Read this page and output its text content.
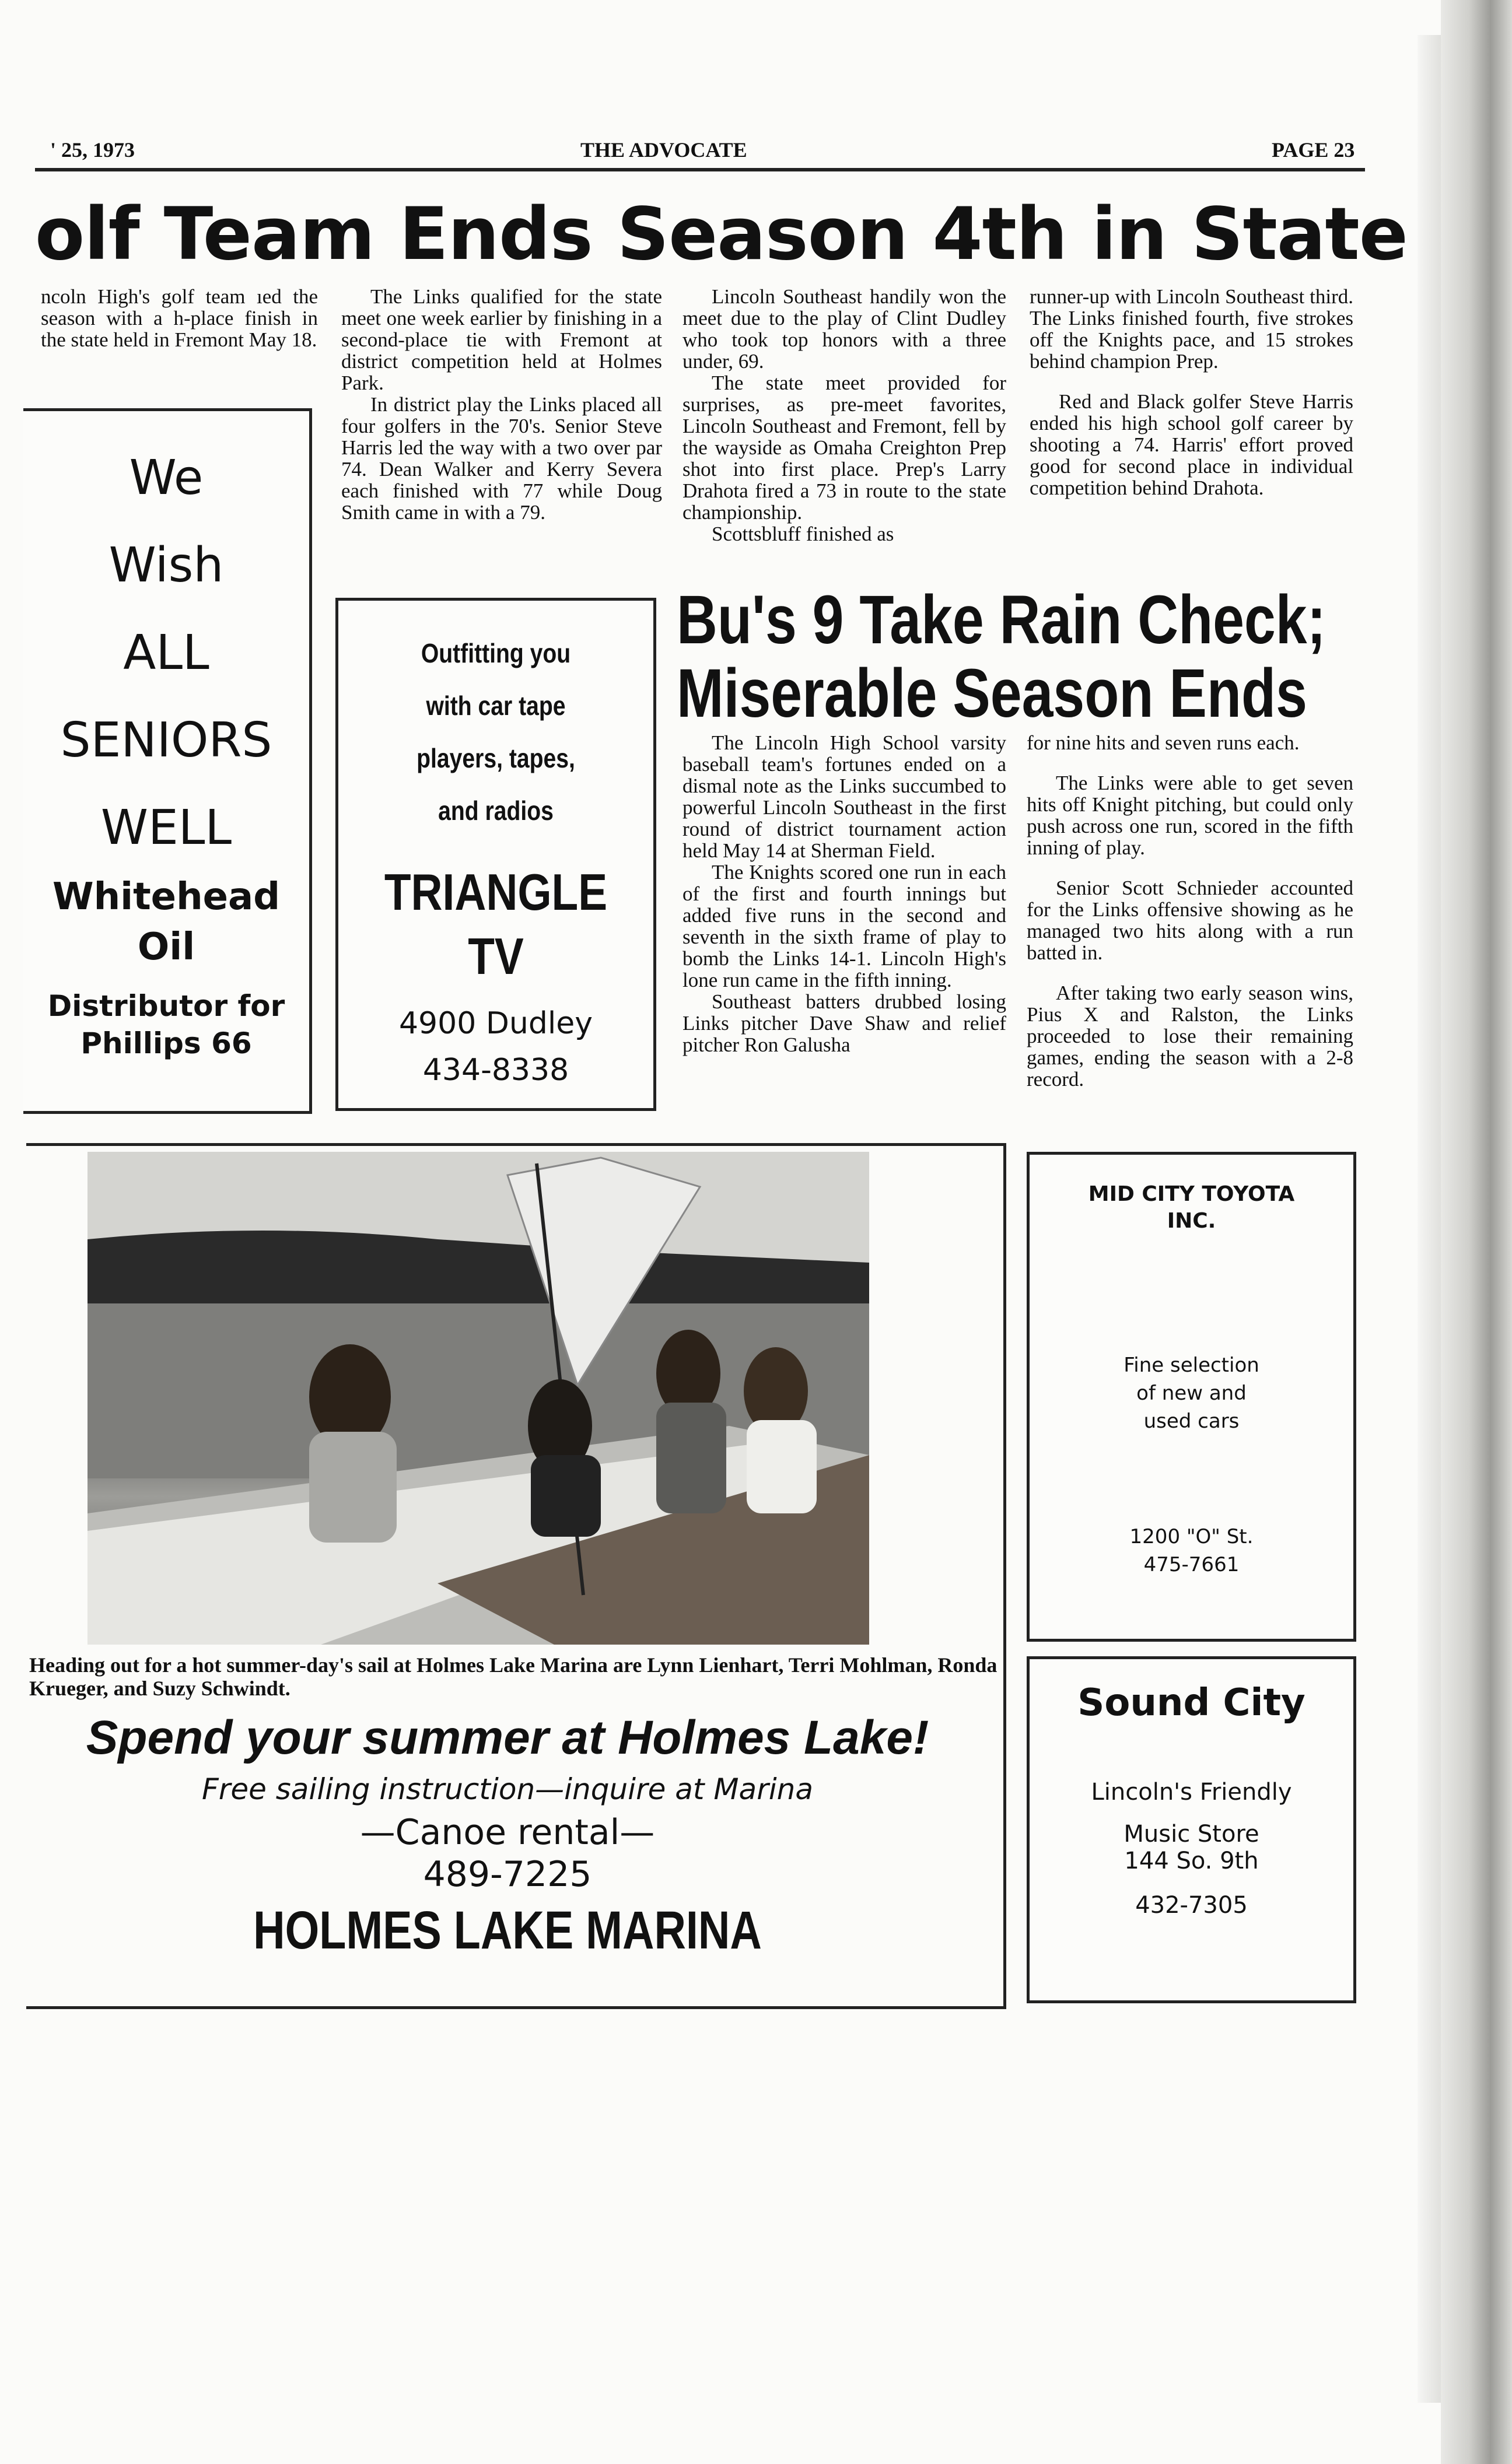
' 25, 1973	THE ADVOCATE	PAGE 23
olf Team Ends Season 4th in State

ncoln High's golf team ıed the season with a h-place finish in the state held in Fremont May 18.

We
Wish
ALL
SENIORS
WELL
Whitehead
Oil
Distributor for
Phillips 66

The Links qualified for the state meet one week earlier by finishing in a second-place tie with Fremont at district competition held at Holmes Park.

In district play the Links placed all four golfers in the 70's. Senior Steve Harris led the way with a two over par 74. Dean Walker and Kerry Severa each finished with 77 while Doug Smith came in with a 79.

Outfitting you
with car tape
players, tapes,
and radios
TRIANGLE
TV
4900 Dudley
434-8338

Lincoln Southeast handily won the meet due to the play of Clint Dudley who took top honors with a three under, 69.

The state meet provided for surprises, as pre-meet favorites, Lincoln Southeast and Fremont, fell by the wayside as Omaha Creighton Prep shot into first place. Prep's Larry Drahota fired a 73 in route to the state championship.

Scottsbluff finished as

runner-up with Lincoln Southeast third. The Links finished fourth, five strokes off the Knights pace, and 15 strokes behind champion Prep.

Red and Black golfer Steve Harris ended his high school golf career by shooting a 74. Harris' effort proved good for second place in individual competition behind Drahota.

Bu's 9 Take Rain Check;
Miserable Season Ends

The Lincoln High School varsity baseball team's fortunes ended on a dismal note as the Links succumbed to powerful Lincoln Southeast in the first round of district tournament action held May 14 at Sherman Field.

The Knights scored one run in each of the first and fourth innings but added five runs in the second and seventh in the sixth frame of play to bomb the Links 14-1. Lincoln High's lone run came in the fifth inning.

Southeast batters drubbed losing Links pitcher Dave Shaw and relief pitcher Ron Galusha

for nine hits and seven runs each.

The Links were able to get seven hits off Knight pitching, but could only push across one run, scored in the fifth inning of play.

Senior Scott Schnieder accounted for the Links offensive showing as he managed two hits along with a run batted in.

After taking two early season wins, Pius X and Ralston, the Links proceeded to lose their remaining games, ending the season with a 2-8 record.

Heading out for a hot summer-day's sail at Holmes Lake Marina are Lynn Lienhart, Terri Mohlman, Ronda Krueger, and Suzy Schwindt.
Spend your summer at Holmes Lake!
Free sailing instruction—inquire at Marina
—Canoe rental—
489-7225
HOLMES LAKE MARINA
MID CITY TOYOTA
INC.
Fine selection
of new and
used cars
1200 "O" St.
475-7661
Sound City
Lincoln's Friendly
Music Store
144 So. 9th
432-7305
